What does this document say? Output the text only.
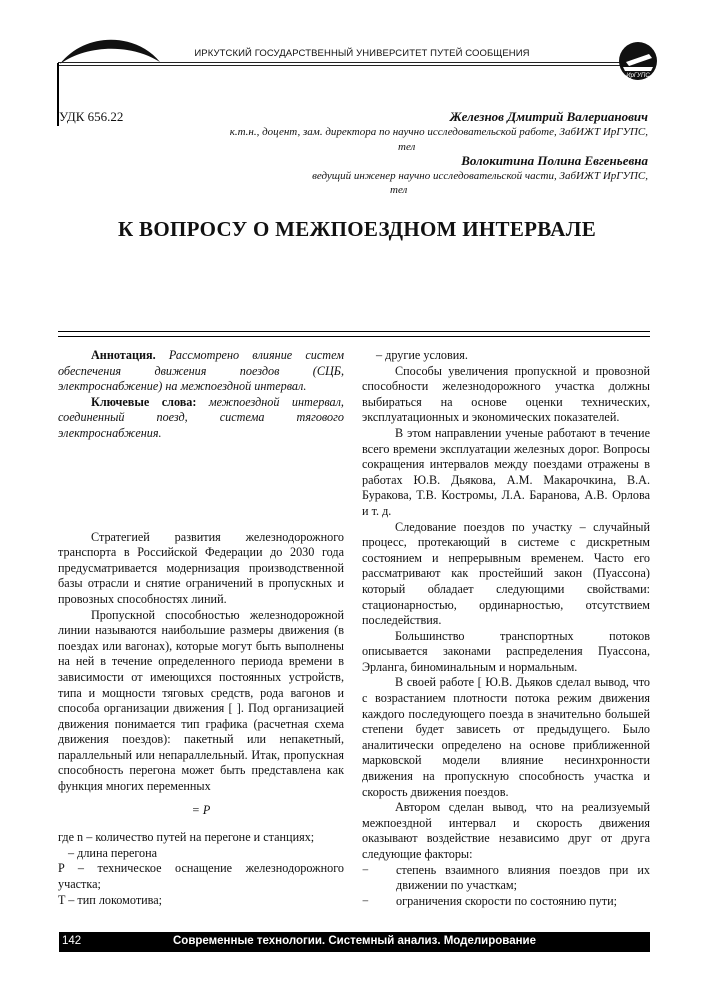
ИРКУТСКИЙ ГОСУДАРСТВЕННЫЙ УНИВЕРСИТЕТ ПУТЕЙ СООБЩЕНИЯ
ИрГУПС
УДК 656.22	Железнов Дмитрий Валерианович
к.т.н., доцент, зам. директора по научно исследовательской работе, ЗабИЖТ ИрГУПС,
тел
Волокитина Полина Евгеньевна
ведущий инженер научно исследовательской части, ЗабИЖТ ИрГУПС,
тел
К ВОПРОСУ О МЕЖПОЕЗДНОМ ИНТЕРВАЛЕ

Аннотация. Рассмотрено влияние систем обеспечения движения поездов (СЦБ, электроснабжение) на межпоездной интервал.

Ключевые слова: межпоездной интервал, соединенный поезд, система тягового электроснабжения.

Стратегией развития железнодорожного транспорта в Российской Федерации до 2030 года предусматривается модернизация производственной базы отрасли и снятие ограничений в пропускных и провозных способностях линий.

Пропускной способностью железнодорожной линии называются наибольшие размеры движения (в поездах или вагонах), которые могут быть выполнены на ней в течение определенного периода времени в зависимости от имеющихся постоянных устройств, типа и мощности тяговых средств, рода вагонов и способа организации движения [ ]. Под организацией движения понимается тип графика (расчетная схема движения поездов): пакетный или непакетный, параллельный или непараллельный. Итак, пропускная способность перегона может быть представлена как функция многих переменных

= P

где n – количество путей на перегоне и станциях;

– длина перегона

P – техническое оснащение железнодорожного участка;

T – тип локомотива;

– другие условия.

Способы увеличения пропускной и провозной способности железнодорожного участка должны выбираться на основе оценки технических, эксплуатационных и экономических показателей.

В этом направлении ученые работают в течение всего времени эксплуатации железных дорог. Вопросы сокращения интервалов между поездами отражены в работах Ю.В. Дьякова, А.М. Макарочкина, В.А. Буракова, Т.В. Костромы, Л.А. Баранова, А.В. Орлова и т. д.

Следование поездов по участку – случайный процесс, протекающий в системе с дискретным состоянием и непрерывным временем. Часто его рассматривают как простейший закон (Пуассона) который обладает следующими свойствами: стационарностью, ординарностью, отсутствием последействия.

Большинство транспортных потоков описывается законами распределения Пуассона, Эрланга, биноминальным и нормальным.

В своей работе [ Ю.В. Дьяков сделал вывод, что с возрастанием плотности потока режим движения каждого последующего поезда в значительно большей степени будет зависеть от предыдущего. Было аналитически определено на основе приближенной марковской модели влияние несинхронности движения на пропускную способность участка и скорость движения поездов.

Автором сделан вывод, что на реализуемый межпоездной интервал и скорость движения оказывают воздействие независимо друг от друга следующие факторы:

− степень взаимного влияния поездов при их движении по участкам;

− ограничения скорости по состоянию пути;

Современные технологии. Системный анализ. Моделирование
142
